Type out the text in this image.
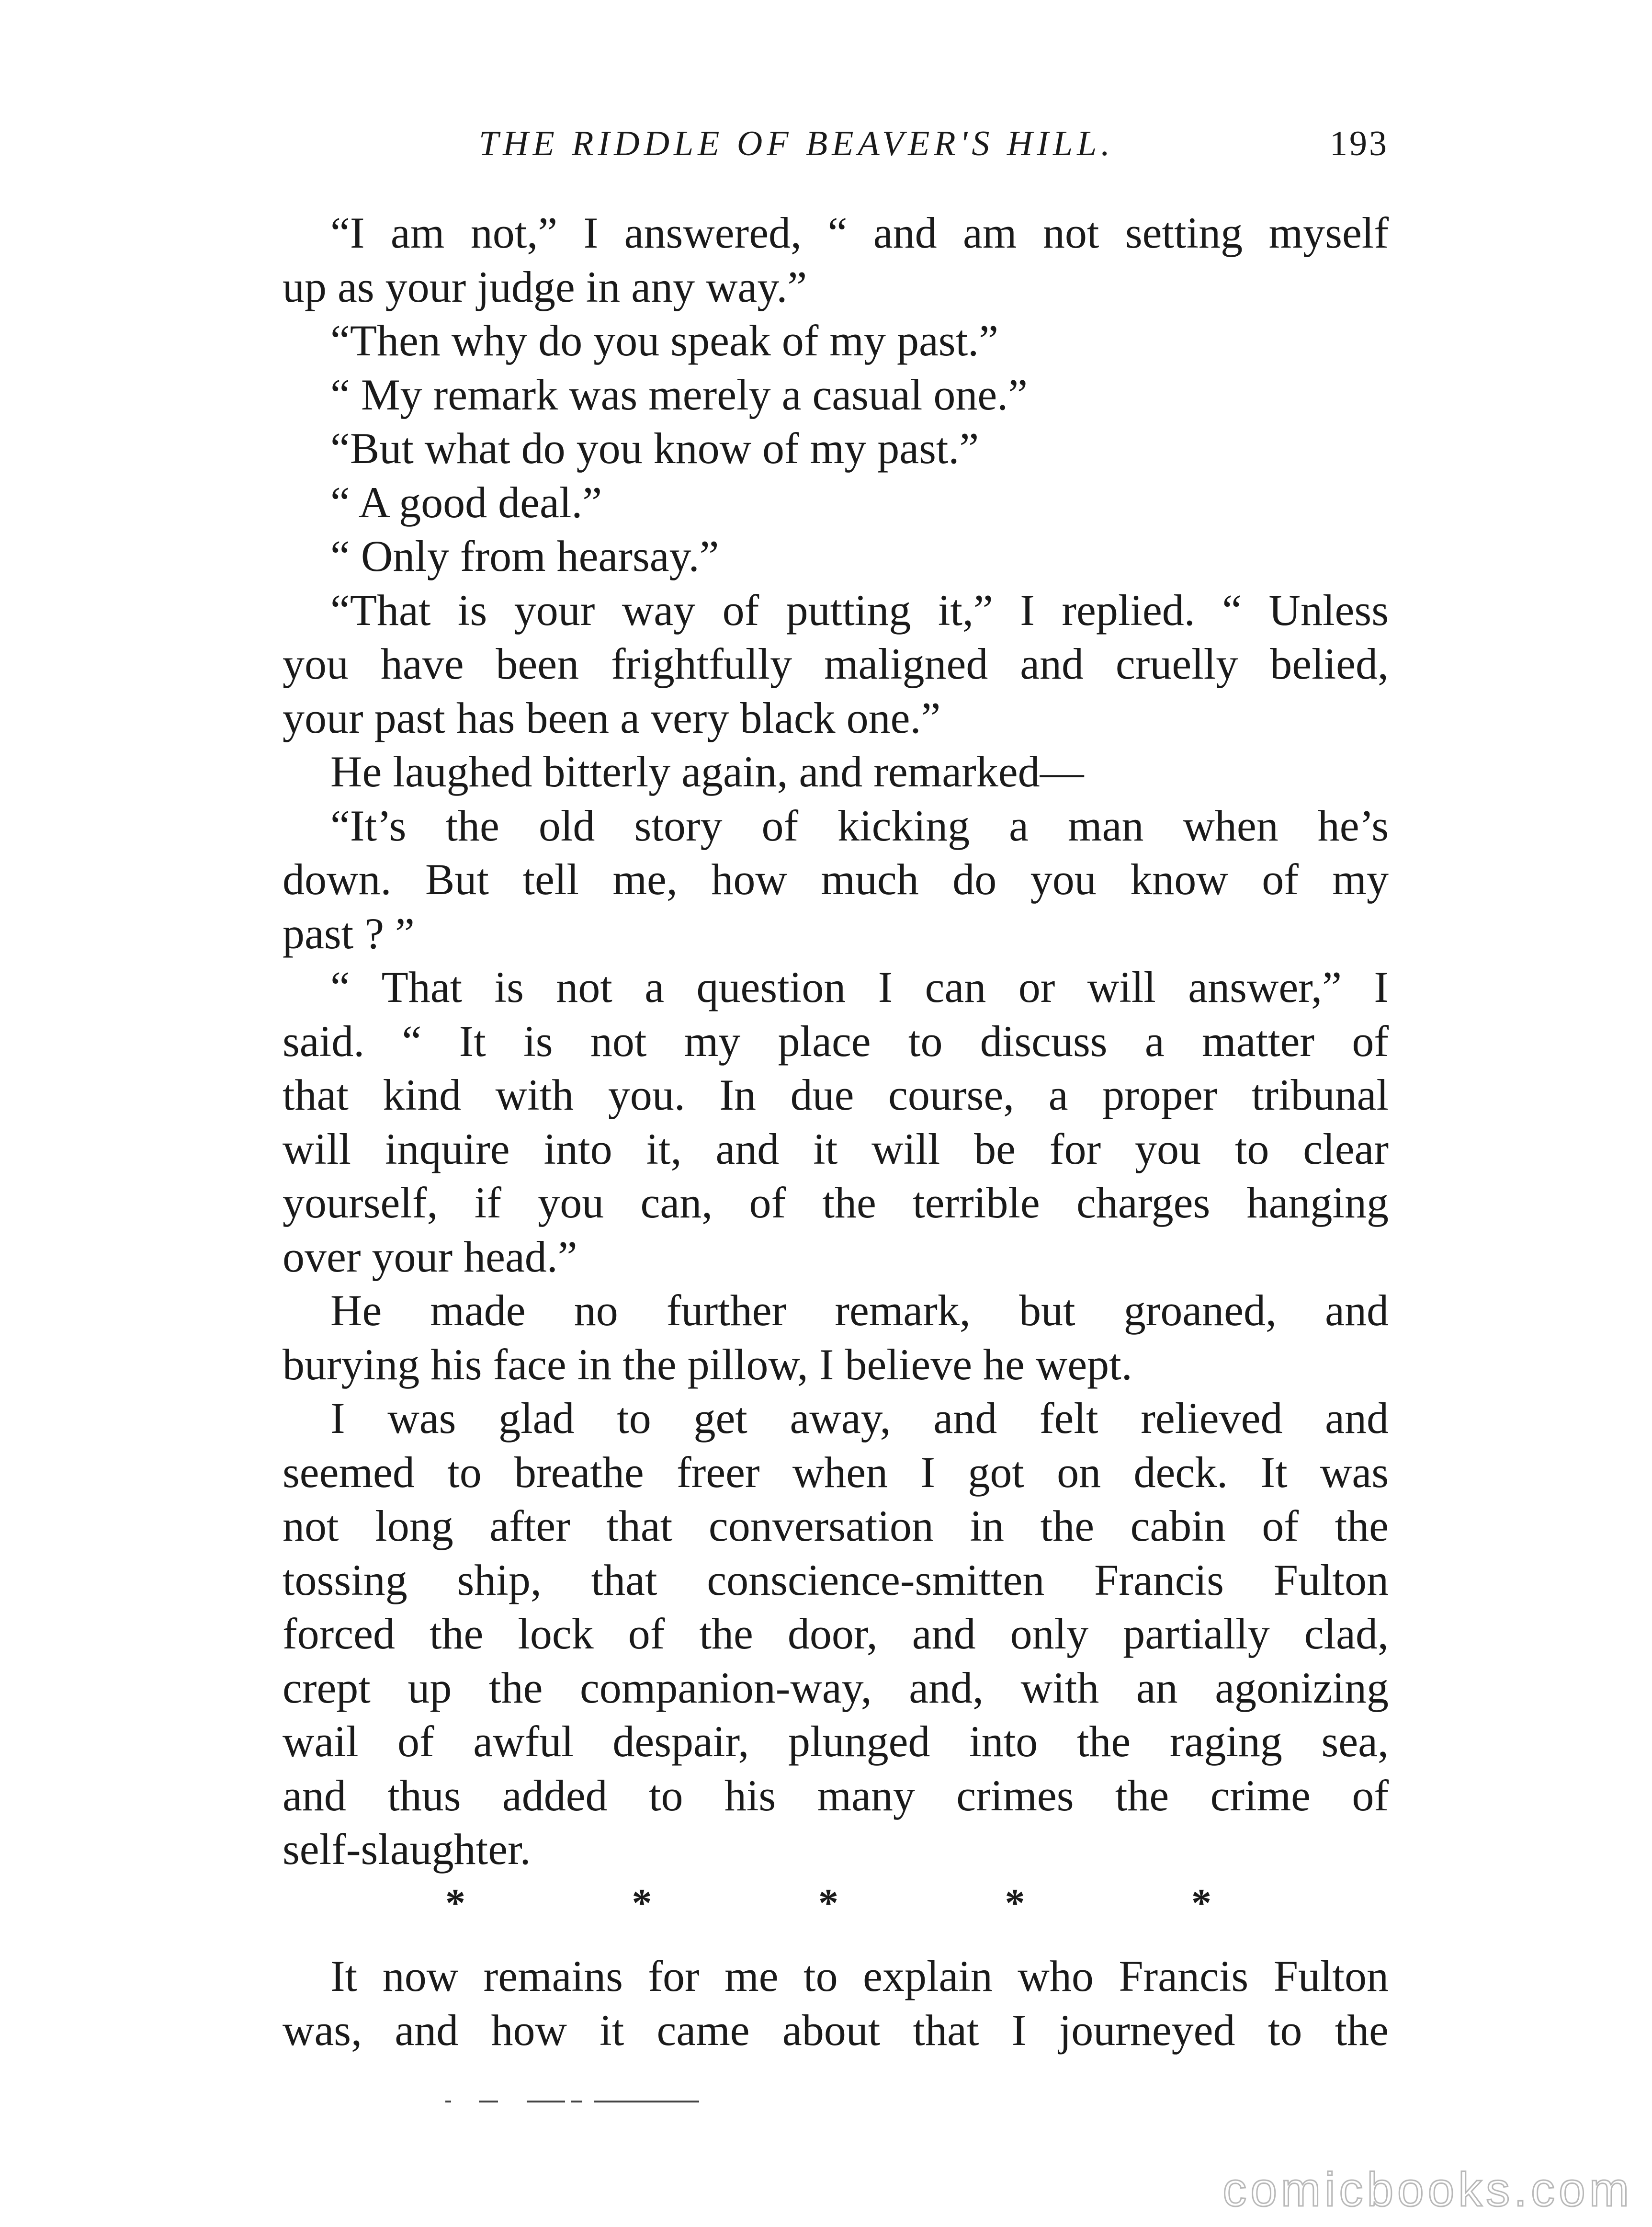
THE RIDDLE OF BEAVER'S HILL.	193
“I am not,” I answered, “ and am not setting myself
up as your judge in any way.”
“Then why do you speak of my past.”
“ My remark was merely a casual one.”
“But what do you know of my past.”
“ A good deal.”
“ Only from hearsay.”
“That is your way of putting it,” I replied. “ Unless
you have been frightfully maligned and cruelly belied,
your past has been a very black one.”
He laughed bitterly again, and remarked—
“It’s the old story of kicking a man when he’s
down. But tell me, how much do you know of my
past ? ”
“ That is not a question I can or will answer,” I
said. “ It is not my place to discuss a matter of
that kind with you. In due course, a proper tribunal
will inquire into it, and it will be for you to clear
yourself, if you can, of the terrible charges hanging
over your head.”
He made no further remark, but groaned, and
burying his face in the pillow, I believe he wept.
I was glad to get away, and felt relieved and
seemed to breathe freer when I got on deck. It was
not long after that conversation in the cabin of the
tossing ship, that conscience-smitten Francis Fulton
forced the lock of the door, and only partially clad,
crept up the companion-way, and, with an agonizing
wail of awful despair, plunged into the raging sea,
and thus added to his many crimes the crime of
self-slaughter.
*	*	*	*	*
It now remains for me to explain who Francis Fulton
was, and how it came about that I journeyed to the
comicbooks.com
